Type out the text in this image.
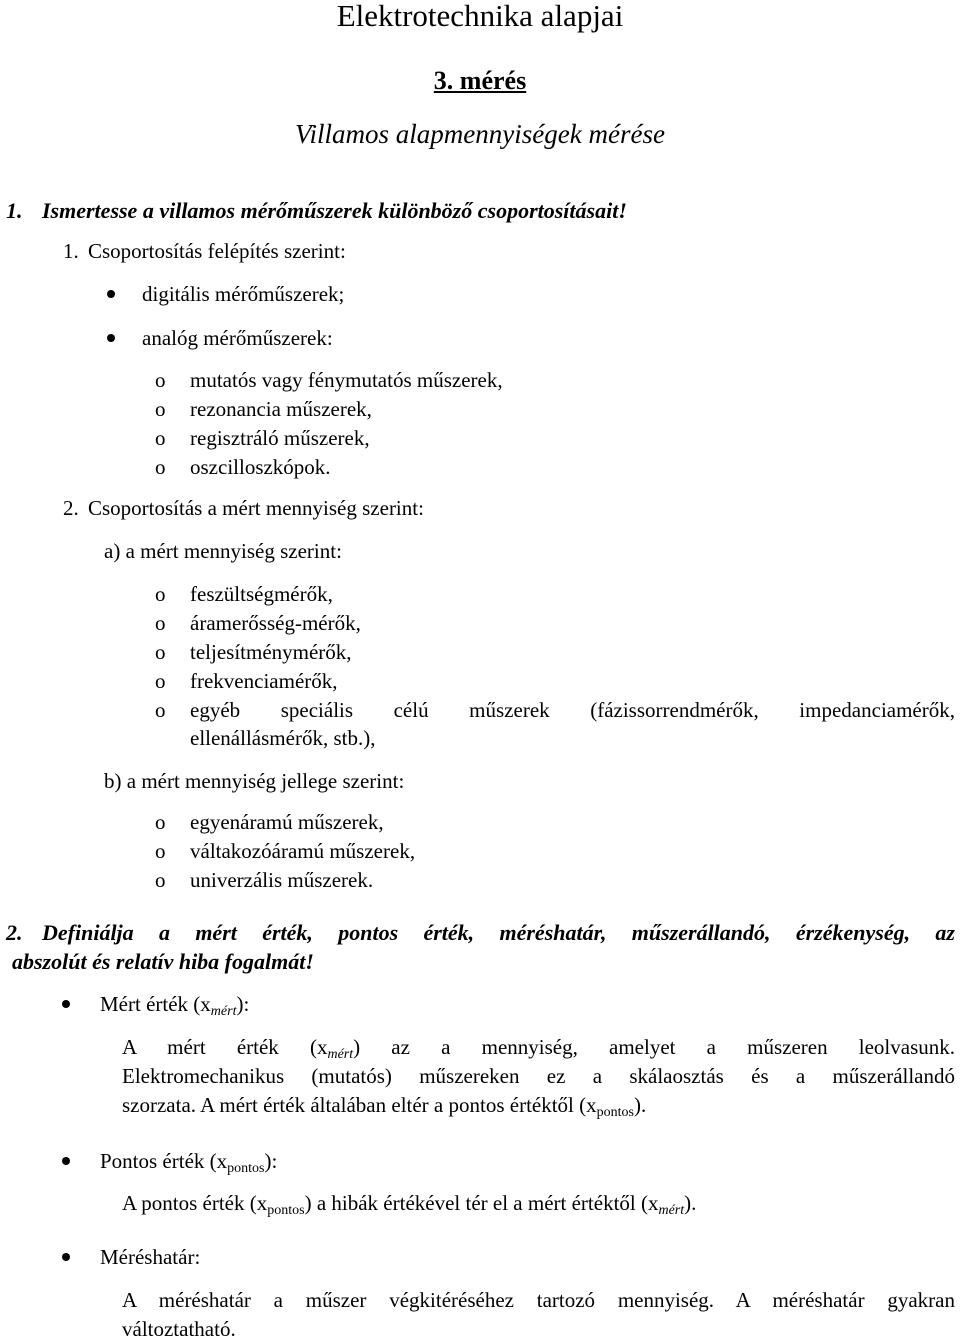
Elektrotechnika alapjai
3. mérés
Villamos alapmennyiségek mérése
1. Ismertesse a villamos mérőműszerek különböző csoportosításait!
1. Csoportosítás felépítés szerint:
digitális mérőműszerek;
analóg mérőműszerek:
o mutatós vagy fénymutatós műszerek,
o rezonancia műszerek,
o regisztráló műszerek,
o oszcilloszkópok.
2. Csoportosítás a mért mennyiség szerint:
a) a mért mennyiség szerint:
o feszültségmérők,
o áramerősség-mérők,
o teljesítménymérők,
o frekvenciamérők,
o egyéb speciális célú műszerek (fázissorrendmérők, impedanciamérők,
ellenállásmérők, stb.),
b) a mért mennyiség jellege szerint:
o egyenáramú műszerek,
o váltakozóáramú műszerek,
o univerzális műszerek.
2. Definiálja a mért érték, pontos érték, méréshatár, műszerállandó, érzékenység, az
abszolút és relatív hiba fogalmát!
Mért érték $(x_{mért})$:
A mért érték $(x_{mért})$ az a mennyiség, amelyet a műszeren leolvasunk.
Elektromechanikus (mutatós) műszereken ez a skálaosztás és a műszerállandó
szorzata. A mért érték általában eltér a pontos értéktől $(x_{pontos})$.
Pontos érték $(x_{pontos})$:
A pontos érték $(x_{pontos})$ a hibák értékével tér el a mért értéktől $(x_{mért})$.
Méréshatár:
A méréshatár a műszer végkitéréséhez tartozó mennyiség. A méréshatár gyakran
változtatható.
